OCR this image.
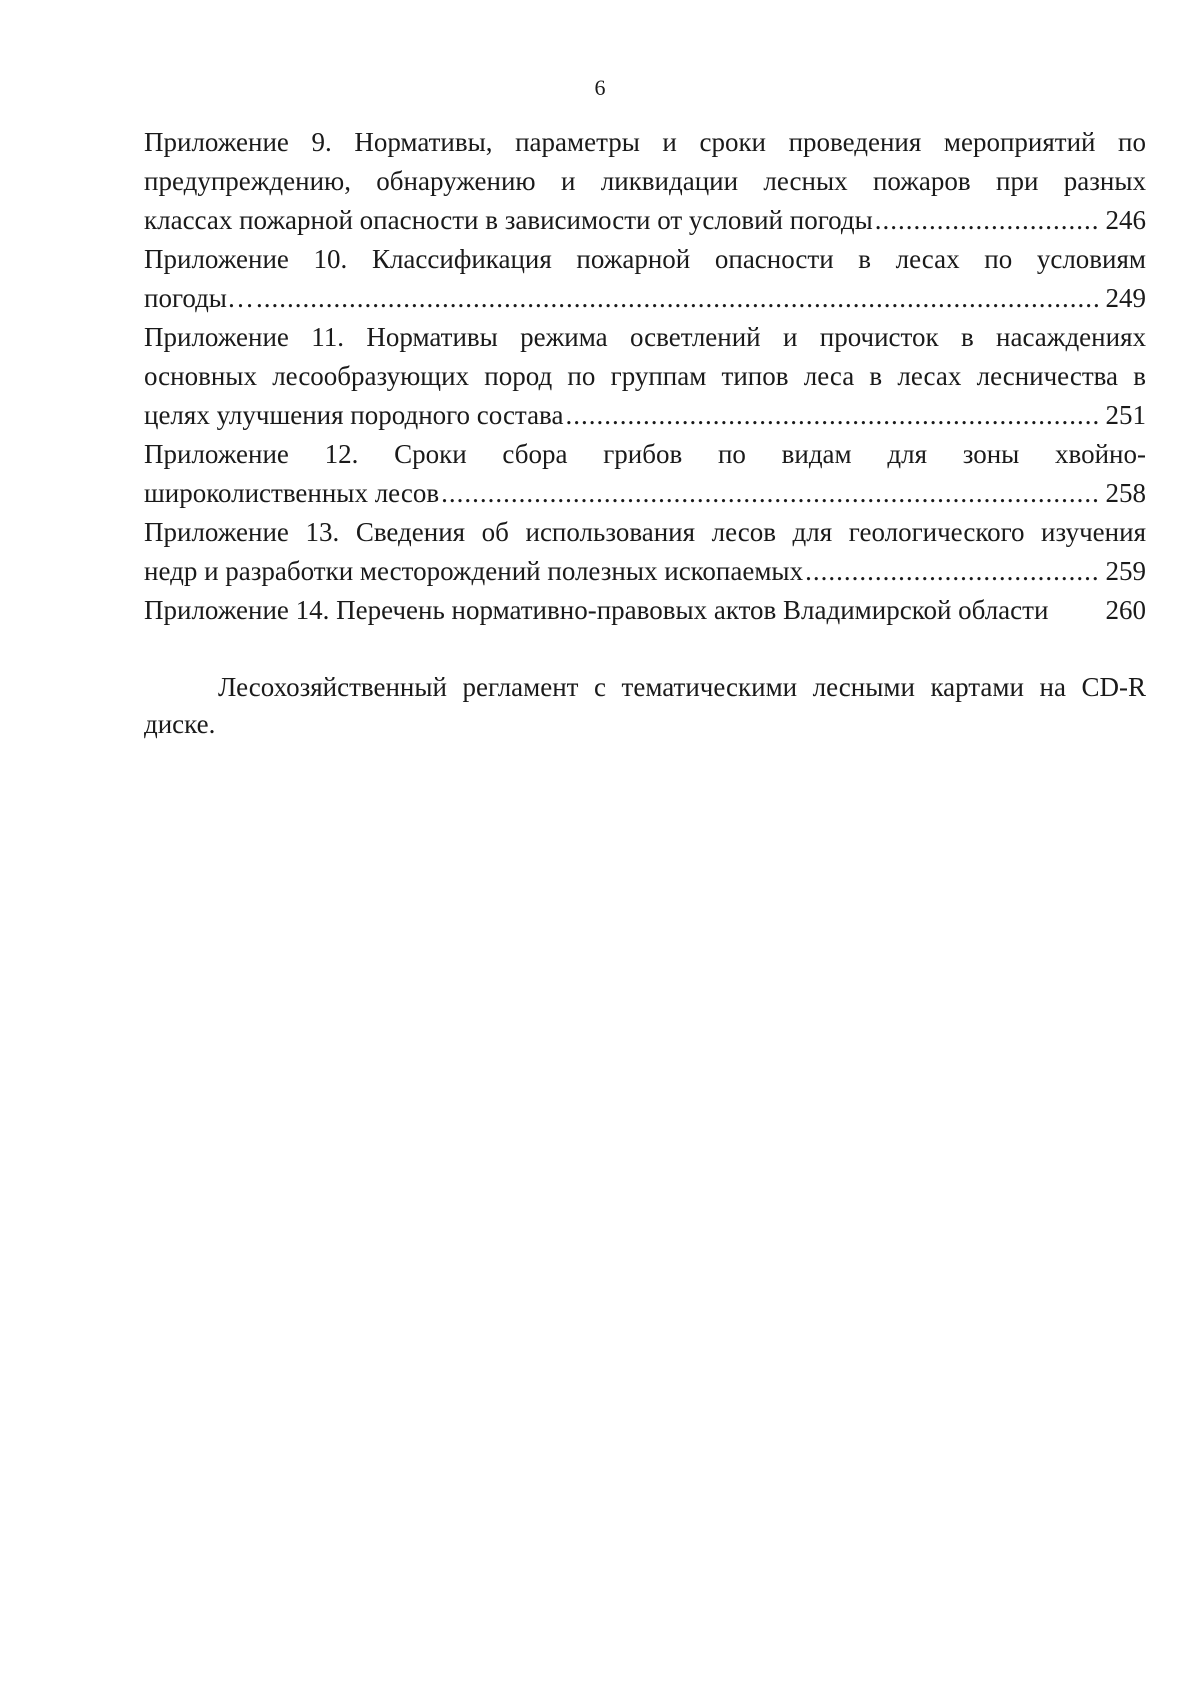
6
Приложение 9. Нормативы, параметры и сроки проведения мероприятий по
предупреждению, обнаружению и ликвидации лесных пожаров при разных
классах пожарной опасности в зависимости от условий погоды .....	246
Приложение 10. Классификация пожарной опасности в лесах по условиям
погоды… .....	249
Приложение 11. Нормативы режима осветлений и прочисток в насаждениях
основных лесообразующих пород по группам типов леса в лесах лесничества в
целях улучшения породного состава .....	251
Приложение 12. Сроки сбора грибов по видам для зоны хвойно-
широколиственных лесов .....	258
Приложение 13. Сведения об использования лесов для геологического изучения
недр и разработки месторождений полезных ископаемых .....	259
Приложение 14. Перечень нормативно-правовых актов Владимирской области 260
Лесохозяйственный регламент с тематическими лесными картами на CD-R
диске.
